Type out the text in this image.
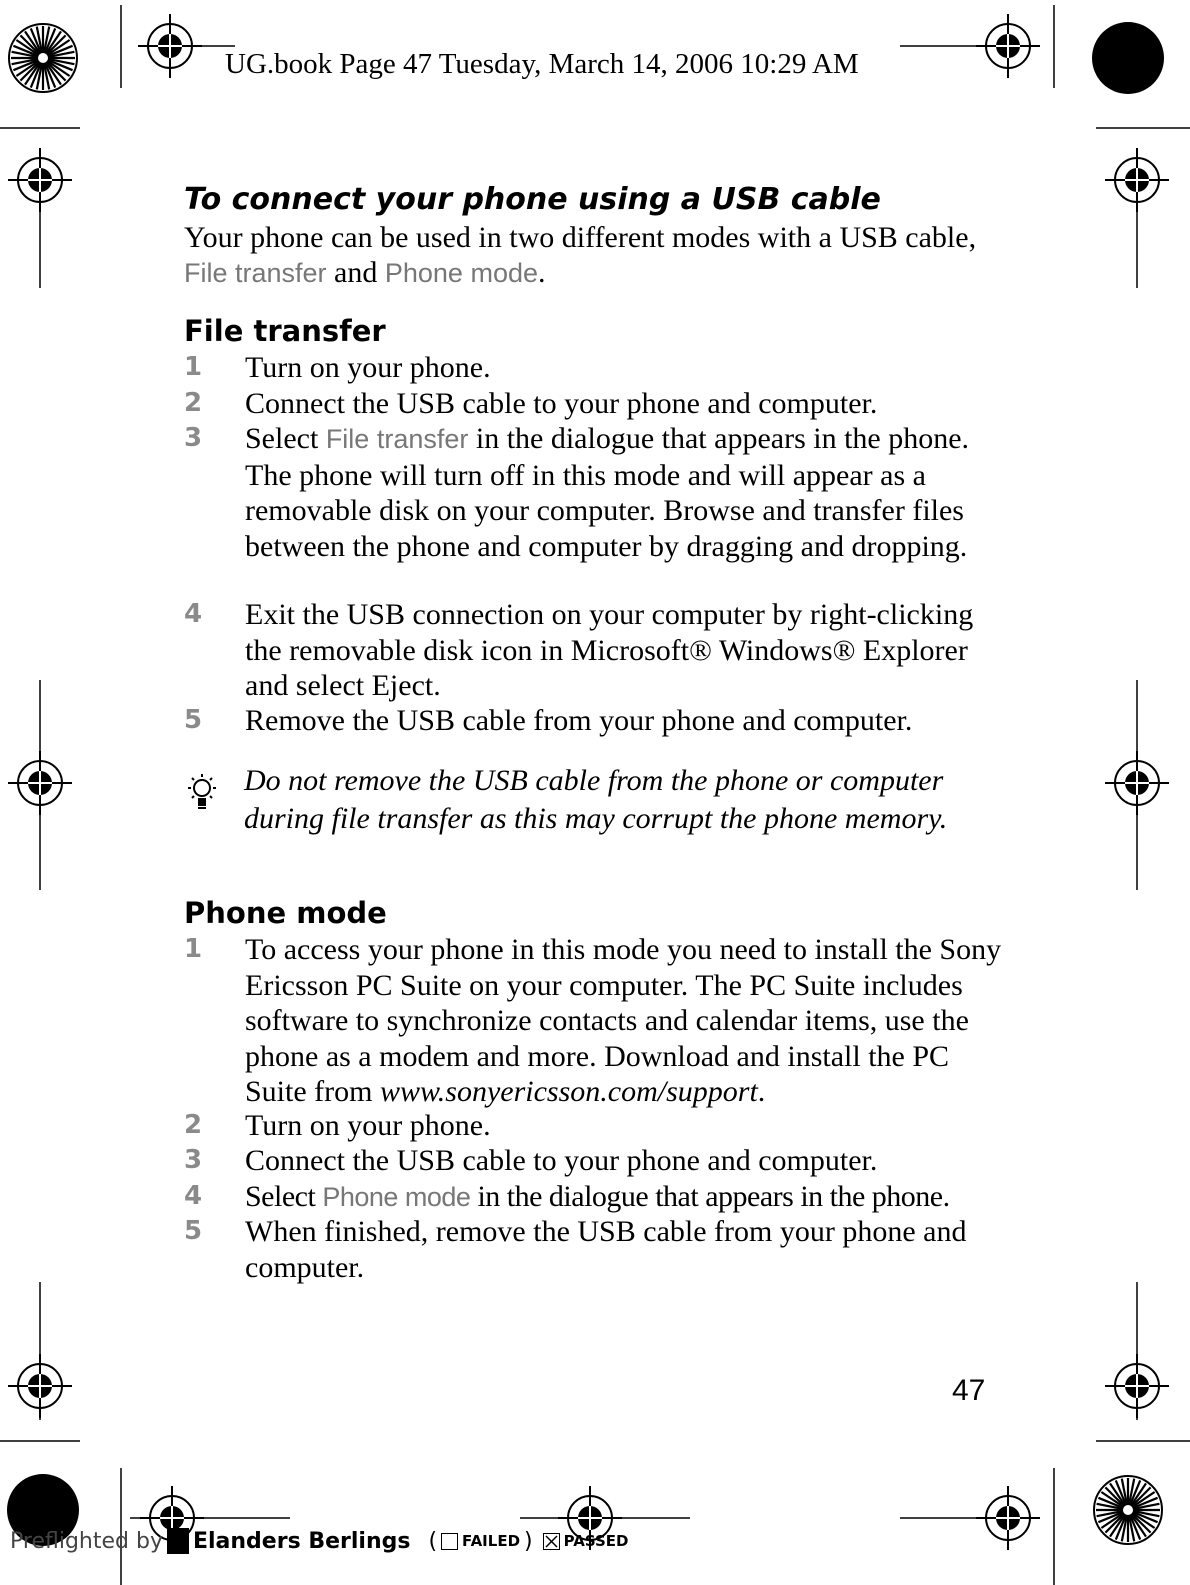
UG.book Page 47 Tuesday, March 14, 2006 10:29 AM
To connect your phone using a USB cable
Your phone can be used in two different modes with a USB cable, File transfer and Phone mode.
File transfer
1	Turn on your phone.
2	Connect the USB cable to your phone and computer.
3	Select File transfer in the dialogue that appears in the phone. The phone will turn off in this mode and will appear as a removable disk on your computer. Browse and transfer files between the phone and computer by dragging and dropping.
4	Exit the USB connection on your computer by right-clicking the removable disk icon in Microsoft® Windows® Explorer and select Eject.
5	Remove the USB cable from your phone and computer.
Do not remove the USB cable from the phone or computer during file transfer as this may corrupt the phone memory.
Phone mode
1	To access your phone in this mode you need to install the Sony Ericsson PC Suite on your computer. The PC Suite includes software to synchronize contacts and calendar items, use the phone as a modem and more. Download and install the PC Suite from www.sonyericsson.com/support.
2	Turn on your phone.
3	Connect the USB cable to your phone and computer.
4	Select Phone mode in the dialogue that appears in the phone.
5	When finished, remove the USB cable from your phone and computer.
47
Preflighted by Elanders Berlings ( FAILED ) PASSED
